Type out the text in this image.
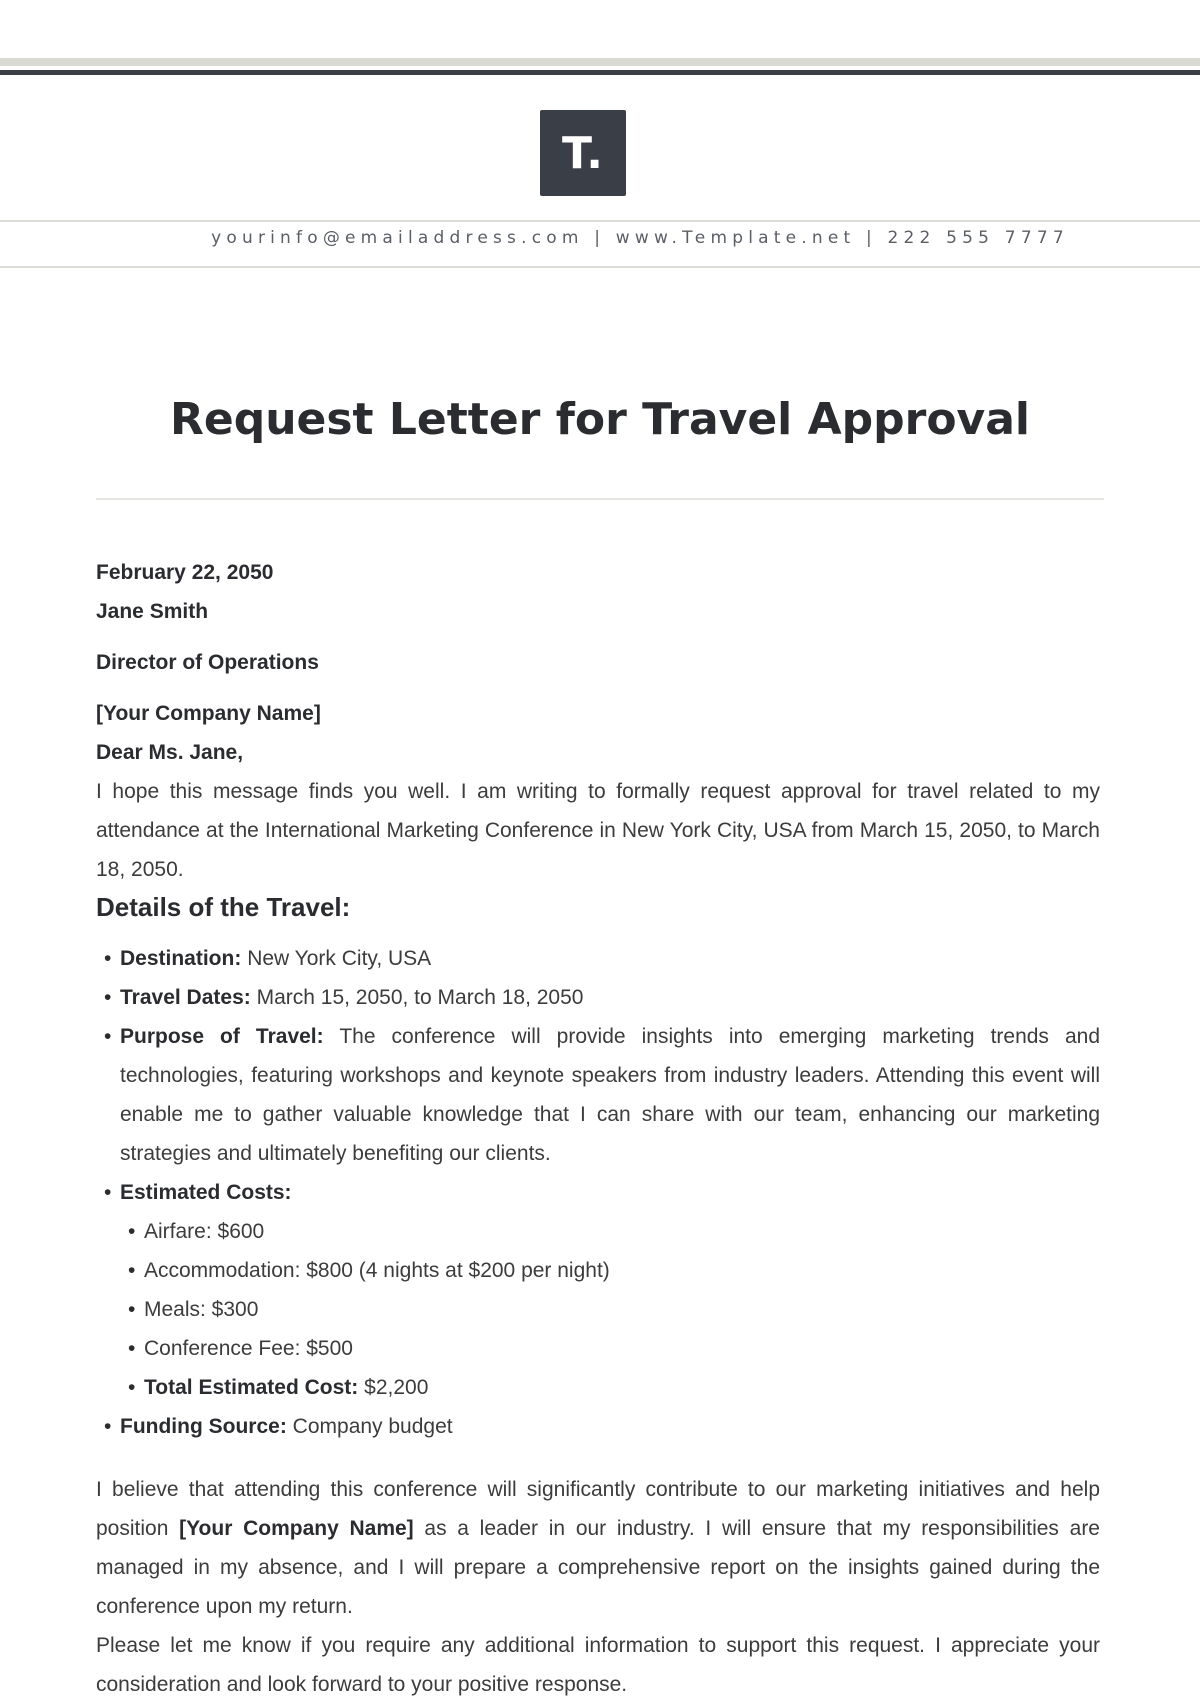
T.
yourinfo@emailaddress.com | www.Template.net | 222 555 7777
Request Letter for Travel Approval

February 22, 2050

Jane Smith

Director of Operations

[Your Company Name]

Dear Ms. Jane,

I hope this message finds you well. I am writing to formally request approval for travel related to my attendance at the International Marketing Conference in New York City, USA from March 15, 2050, to March 18, 2050.

Details of the Travel:
• Destination: New York City, USA
• Travel Dates: March 15, 2050, to March 18, 2050
• Purpose of Travel: The conference will provide insights into emerging marketing trends and technologies, featuring workshops and keynote speakers from industry leaders. Attending this event will enable me to gather valuable knowledge that I can share with our team, enhancing our marketing strategies and ultimately benefiting our clients.
• Estimated Costs:
• Airfare: $600
• Accommodation: $800 (4 nights at $200 per night)
• Meals: $300
• Conference Fee: $500
• Total Estimated Cost: $2,200
• Funding Source: Company budget

I believe that attending this conference will significantly contribute to our marketing initiatives and help position [Your Company Name] as a leader in our industry. I will ensure that my responsibilities are managed in my absence, and I will prepare a comprehensive report on the insights gained during the conference upon my return.

Please let me know if you require any additional information to support this request. I appreciate your consideration and look forward to your positive response.
